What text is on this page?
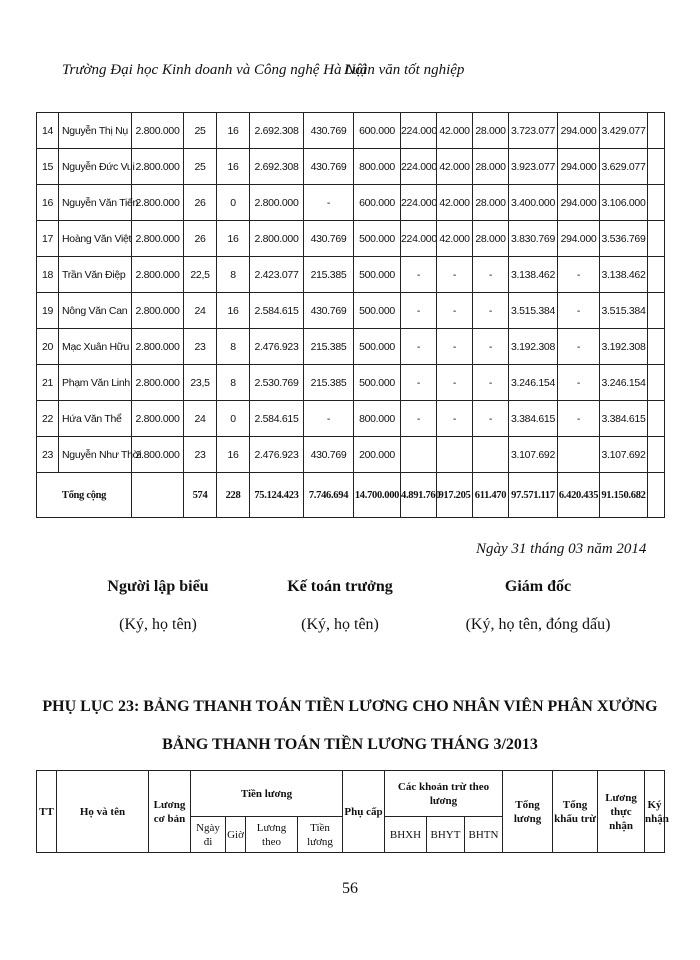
Trường Đại học Kinh doanh và Công nghệ Hà Nội
Luận văn tốt nghiệp
14	Nguyễn Thị Nụ	2.800.000	25	16	2.692.308	430.769	600.000	224.000	42.000	28.000	3.723.077	294.000	3.429.077	
15	Nguyễn Đức Vui	2.800.000	25	16	2.692.308	430.769	800.000	224.000	42.000	28.000	3.923.077	294.000	3.629.077	
16	Nguyễn Văn Tiến	2.800.000	26	0	2.800.000	-	600.000	224.000	42.000	28.000	3.400.000	294.000	3.106.000	
17	Hoàng Văn Việt	2.800.000	26	16	2.800.000	430.769	500.000	224.000	42.000	28.000	3.830.769	294.000	3.536.769	
18	Trần Văn Điệp	2.800.000	22,5	8	2.423.077	215.385	500.000	-	-	-	3.138.462	-	3.138.462	
19	Nông Văn Can	2.800.000	24	16	2.584.615	430.769	500.000	-	-	-	3.515.384	-	3.515.384	
20	Mạc Xuân Hữu	2.800.000	23	8	2.476.923	215.385	500.000	-	-	-	3.192.308	-	3.192.308	
21	Phạm Văn Linh	2.800.000	23,5	8	2.530.769	215.385	500.000	-	-	-	3.246.154	-	3.246.154	
22	Hứa Văn Thể	2.800.000	24	0	2.584.615	-	800.000	-	-	-	3.384.615	-	3.384.615	
23	Nguyễn Như Thời	2.800.000	23	16	2.476.923	430.769	200.000				3.107.692		3.107.692	
Tổng cộng			574	228	75.124.423	7.746.694	14.700.000	4.891.760	917.205	611.470	97.571.117	6.420.435	91.150.682	
Ngày 31 tháng 03 năm 2014
Người lập biểu
(Ký, họ tên)
Kế toán trưởng
(Ký, họ tên)
Giám đốc
(Ký, họ tên, đóng dấu)
PHỤ LỤC 23: BẢNG THANH TOÁN TIỀN LƯƠNG CHO NHÂN VIÊN PHÂN XƯỞNG
BẢNG THANH TOÁN TIỀN LƯƠNG THÁNG 3/2013
TT	Họ và tên	Lương cơ bản	Tiền lương				Phụ cấp	Các khoản trừ theo lương			Tổng lương	Tổng khấu trừ	Lương thực nhận	Ký nhận
			Ngày đi	Giờ	Lương theo	Tiền lương		BHXH	BHYT	BHTN				
56
